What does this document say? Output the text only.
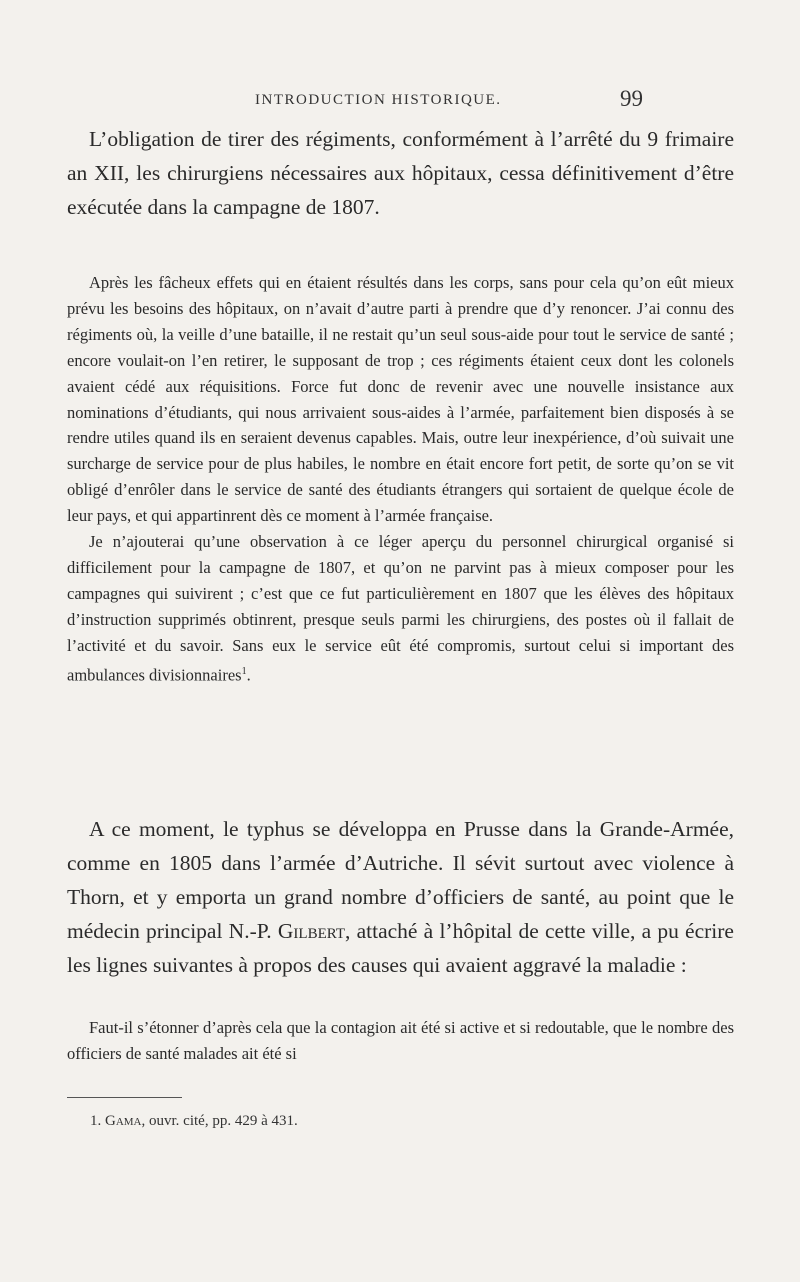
INTRODUCTION HISTORIQUE.	99

L’obligation de tirer des régiments, conformément à l’arrêté du 9 frimaire an XII, les chirurgiens nécessaires aux hôpitaux, cessa définitivement d’être exécutée dans la campagne de 1807.

Après les fâcheux effets qui en étaient résultés dans les corps, sans pour cela qu’on eût mieux prévu les besoins des hôpitaux, on n’avait d’autre parti à prendre que d’y renoncer. J’ai connu des régiments où, la veille d’une bataille, il ne restait qu’un seul sous-aide pour tout le service de santé ; encore voulait-on l’en retirer, le supposant de trop ; ces régiments étaient ceux dont les colonels avaient cédé aux réquisitions. Force fut donc de revenir avec une nouvelle insistance aux nominations d’étudiants, qui nous arrivaient sous-aides à l’armée, parfaitement bien disposés à se rendre utiles quand ils en seraient devenus capables. Mais, outre leur inexpérience, d’où suivait une surcharge de service pour de plus habiles, le nombre en était encore fort petit, de sorte qu’on se vit obligé d’enrôler dans le service de santé des étudiants étrangers qui sortaient de quelque école de leur pays, et qui appartinrent dès ce moment à l’armée française.

Je n’ajouterai qu’une observation à ce léger aperçu du personnel chirurgical organisé si difficilement pour la campagne de 1807, et qu’on ne parvint pas à mieux composer pour les campagnes qui suivirent ; c’est que ce fut particulièrement en 1807 que les élèves des hôpitaux d’instruction supprimés obtinrent, presque seuls parmi les chirurgiens, des postes où il fallait de l’activité et du savoir. Sans eux le service eût été compromis, surtout celui si important des ambulances divisionnaires$^1$.

A ce moment, le typhus se développa en Prusse dans la Grande-Armée, comme en 1805 dans l’armée d’Autriche. Il sévit surtout avec violence à Thorn, et y emporta un grand nombre d’officiers de santé, au point que le médecin principal N.-P. Gilbert, attaché à l’hôpital de cette ville, a pu écrire les lignes suivantes à propos des causes qui avaient aggravé la maladie :

Faut-il s’étonner d’après cela que la contagion ait été si active et si redoutable, que le nombre des officiers de santé malades ait été si

1. Gama, ouvr. cité, pp. 429 à 431.
